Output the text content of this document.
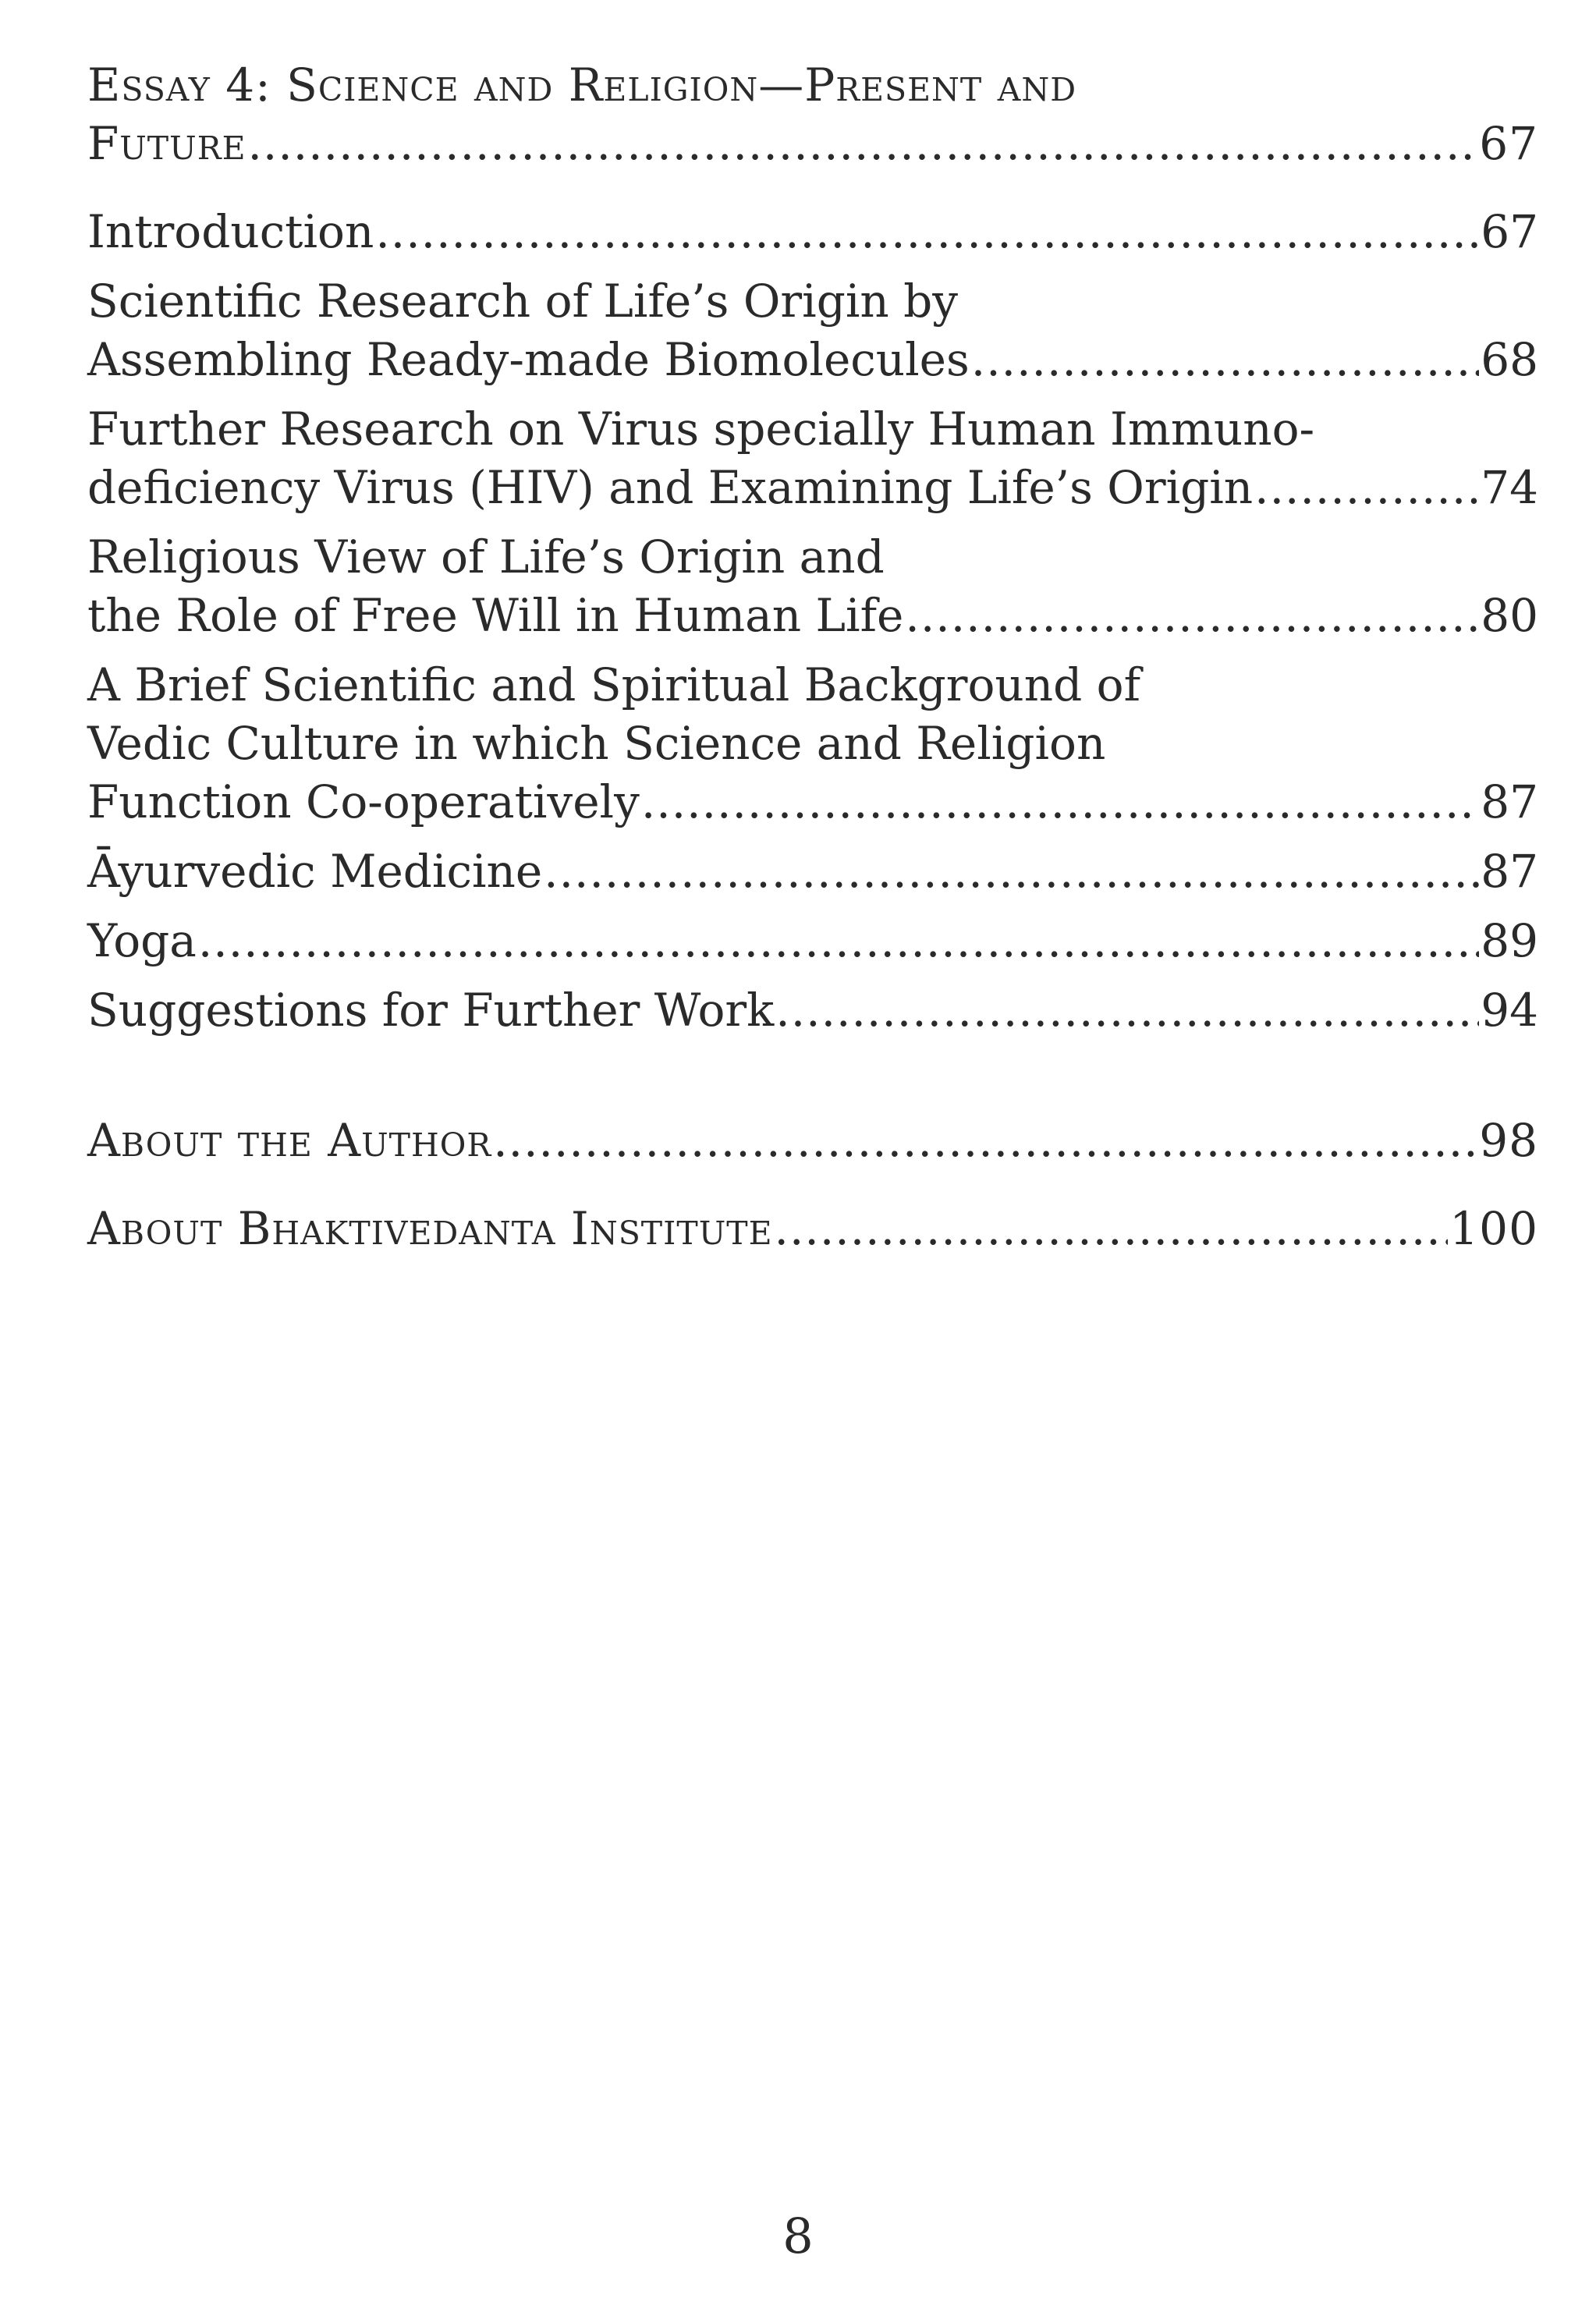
Essay 4: Science and Religion—Present and
Future .....	67
Introduction .....	67
Scientific Research of Life’s Origin by
Assembling Ready-made Biomolecules .....	68
Further Research on Virus specially Human Immuno-
deficiency Virus (HIV) and Examining Life’s Origin .....	74
Religious View of Life’s Origin and
the Role of Free Will in Human Life .....	80
A Brief Scientific and Spiritual Background of
Vedic Culture in which Science and Religion
Function Co-operatively .....	87
Āyurvedic Medicine .....	87
Yoga .....	89
Suggestions for Further Work .....	94
About the Author .....	98
About Bhaktivedanta Institute .....	100
8
